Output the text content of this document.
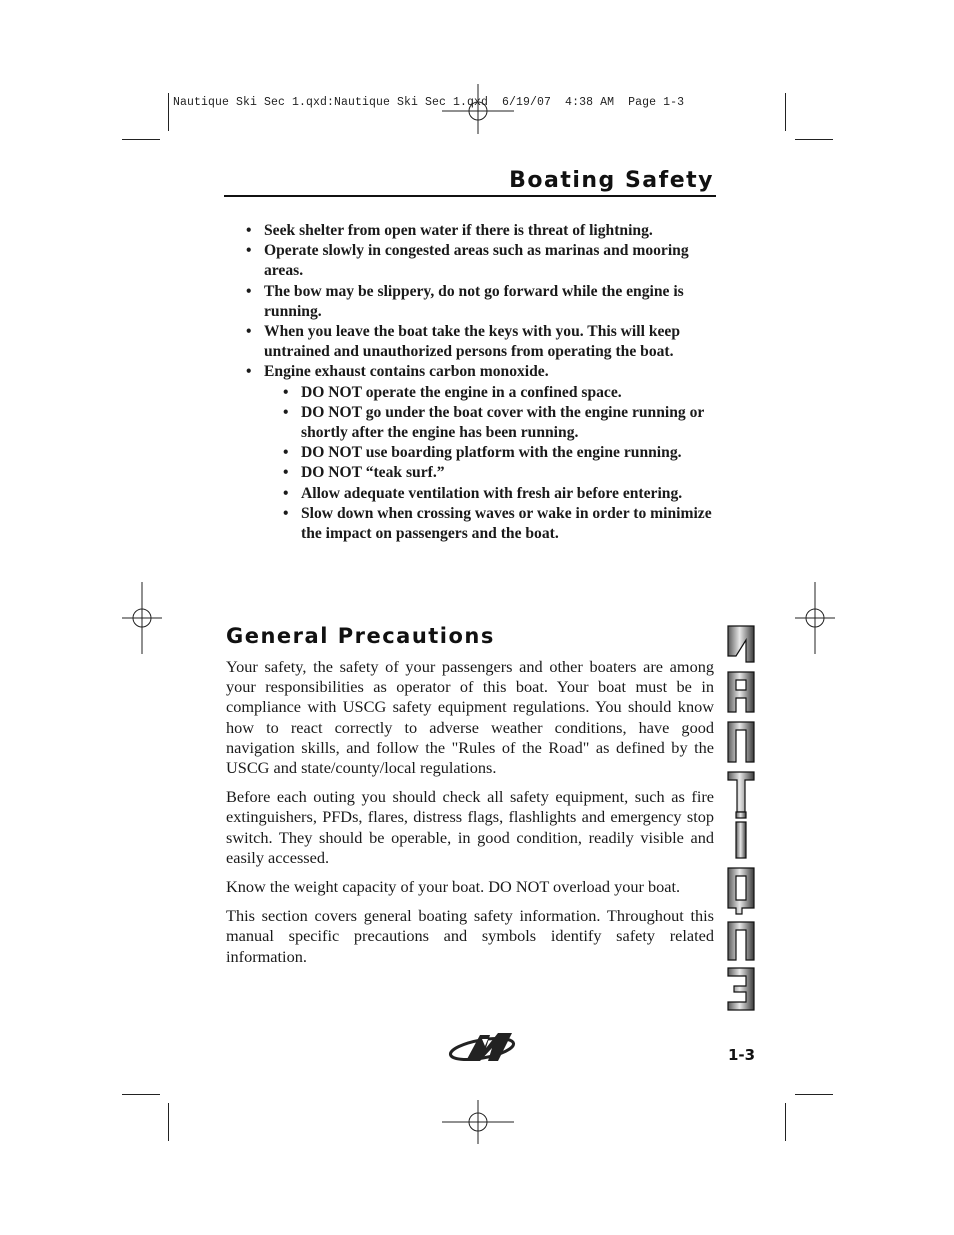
Nautique Ski Sec 1.qxd:Nautique Ski Sec 1.qxd  6/19/07  4:38 AM  Page 1-3
Boating Safety
• Seek shelter from open water if there is threat of lightning.
• Operate slowly in congested areas such as marinas and mooring areas.
• The bow may be slippery, do not go forward while the engine is running.
• When you leave the boat take the keys with you. This will keep untrained and unauthorized persons from operating the boat.
• Engine exhaust contains carbon monoxide.
• DO NOT operate the engine in a confined space.
• DO NOT go under the boat cover with the engine running or shortly after the engine has been running.
• DO NOT use boarding platform with the engine running.
• DO NOT “teak surf.”
• Allow adequate ventilation with fresh air before entering.
• Slow down when crossing waves or wake in order to minimize the impact on passengers and the boat.
General Precautions

Your safety, the safety of your passengers and other boaters are among your responsibilities as operator of this boat. Your boat must be in compliance with USCG safety equipment regulations. You should know how to react correctly to adverse weather conditions, have good navigation skills, and follow the "Rules of the Road" as defined by the USCG and state/county/local regulations.

Before each outing you should check all safety equipment, such as fire extinguishers, PFDs, flares, distress flags, flashlights and emergency stop switch. They should be operable, in good condition, readily visible and easily accessed.

Know the weight capacity of your boat. DO NOT overload your boat.

This section covers general boating safety information. Throughout this manual specific precautions and symbols identify safety related information.

1-3
